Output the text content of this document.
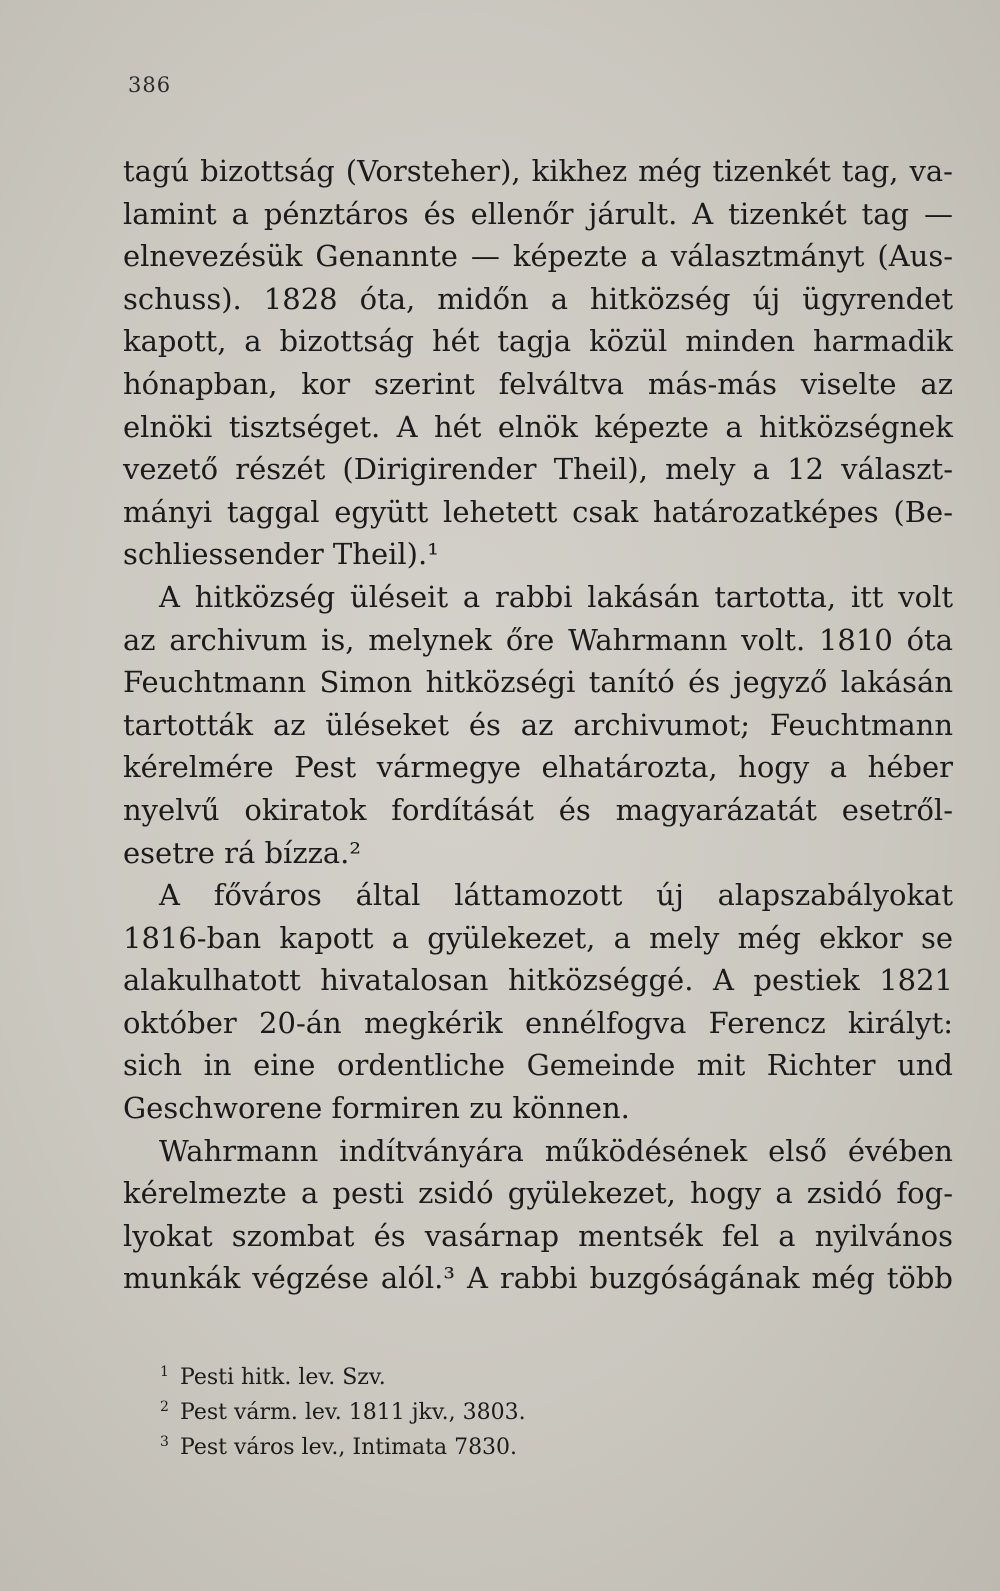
386
tagú bizottság (Vorsteher), kikhez még tizenkét tag, va-
lamint a pénztáros és ellenőr járult. A tizenkét tag —
elnevezésük Genannte — képezte a választmányt (Aus-
schuss). 1828 óta, midőn a hitközség új ügyrendet
kapott, a bizottság hét tagja közül minden harmadik
hónapban, kor szerint felváltva más-más viselte az
elnöki tisztséget. A hét elnök képezte a hitközségnek
vezető részét (Dirigirender Theil), mely a 12 választ-
mányi taggal együtt lehetett csak határozatképes (Be-
schliessender Theil).¹
A hitközség üléseit a rabbi lakásán tartotta, itt volt
az archivum is, melynek őre Wahrmann volt. 1810 óta
Feuchtmann Simon hitközségi tanító és jegyző lakásán
tartották az üléseket és az archivumot; Feuchtmann
kérelmére Pest vármegye elhatározta, hogy a héber
nyelvű okiratok fordítását és magyarázatát esetről-
esetre rá bízza.²
A főváros által láttamozott új alapszabályokat
1816-ban kapott a gyülekezet, a mely még ekkor se
alakulhatott hivatalosan hitközséggé. A pestiek 1821
október 20-án megkérik ennélfogva Ferencz királyt:
sich in eine ordentliche Gemeinde mit Richter und
Geschworene formiren zu können.
Wahrmann indítványára működésének első évében
kérelmezte a pesti zsidó gyülekezet, hogy a zsidó fog-
lyokat szombat és vasárnap mentsék fel a nyilvános
munkák végzése alól.³ A rabbi buzgóságának még több
1 Pesti hitk. lev. Szv.
2 Pest várm. lev. 1811 jkv., 3803.
3 Pest város lev., Intimata 7830.
